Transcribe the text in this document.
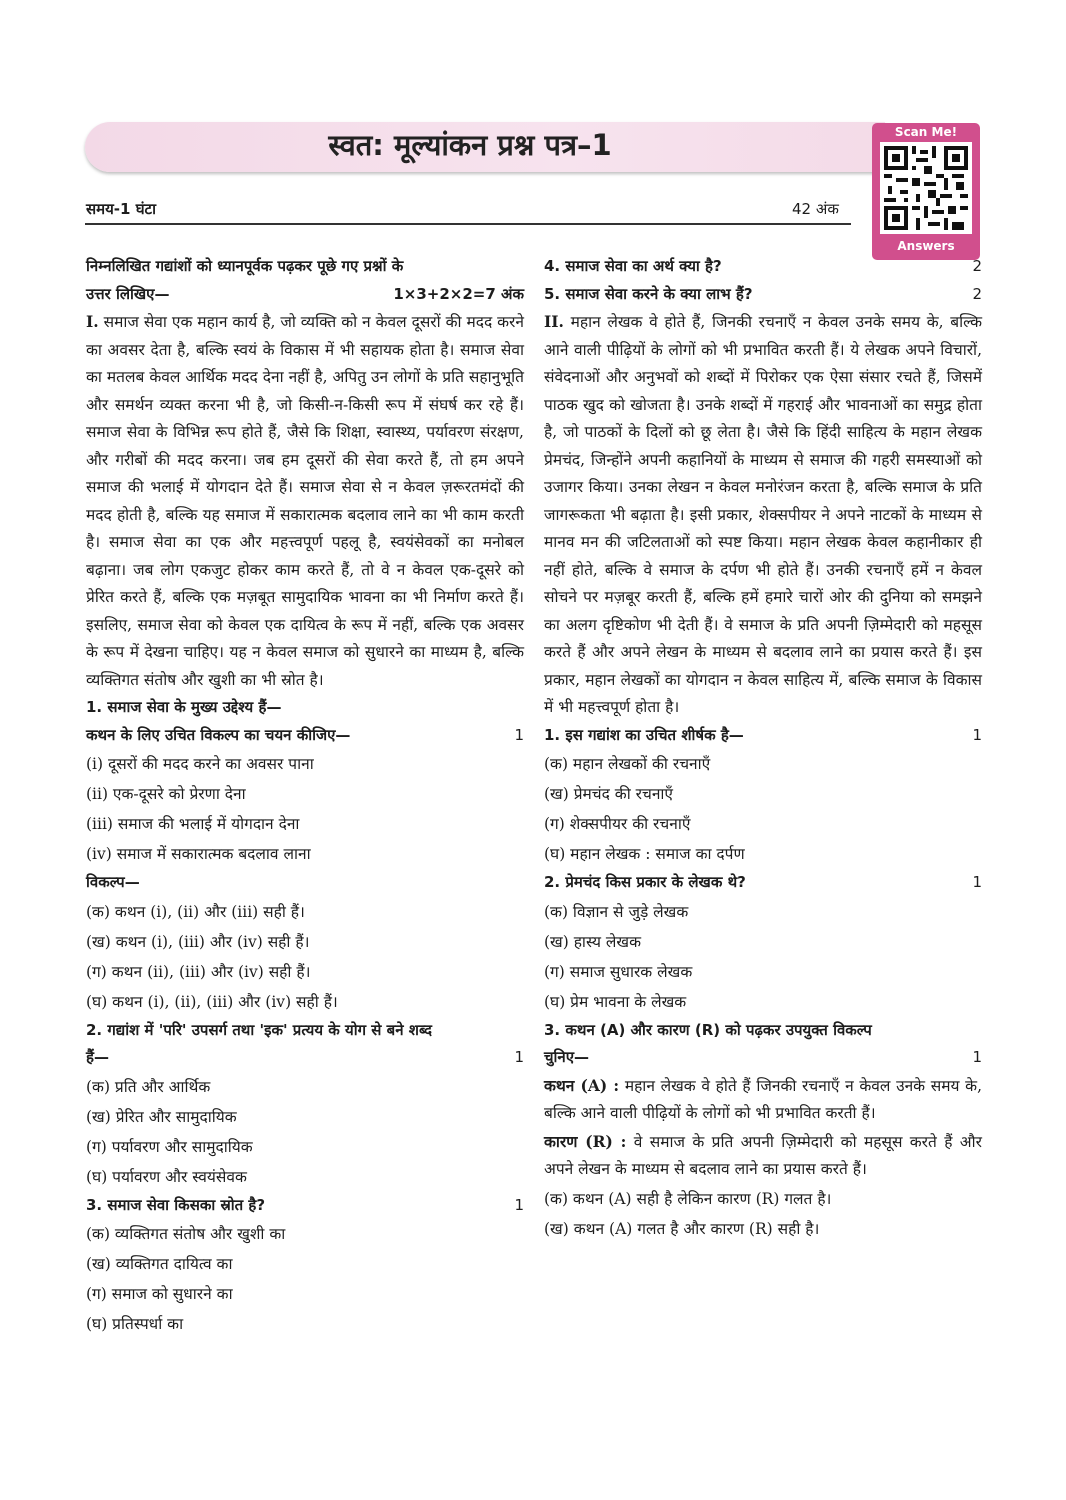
स्वत: मूल्यांकन प्रश्न पत्र–1	Scan Me!
Answers
समय-1 घंटा	42 अंक
निम्नलिखित गद्यांशों को ध्यानपूर्वक पढ़कर पूछे गए प्रश्नों के
उत्तर लिखिए—	1×3+2×2=7 अंक

I. समाज सेवा एक महान कार्य है, जो व्यक्ति को न केवल दूसरों की मदद करने का अवसर देता है, बल्कि स्वयं के विकास में भी सहायक होता है। समाज सेवा का मतलब केवल आर्थिक मदद देना नहीं है, अपितु उन लोगों के प्रति सहानुभूति और समर्थन व्यक्त करना भी है, जो किसी-न-किसी रूप में संघर्ष कर रहे हैं। समाज सेवा के विभिन्न रूप होते हैं, जैसे कि शिक्षा, स्वास्थ्य, पर्यावरण संरक्षण, और गरीबों की मदद करना। जब हम दूसरों की सेवा करते हैं, तो हम अपने समाज की भलाई में योगदान देते हैं। समाज सेवा से न केवल ज़रूरतमंदों की मदद होती है, बल्कि यह समाज में सकारात्मक बदलाव लाने का भी काम करती है। समाज सेवा का एक और महत्त्वपूर्ण पहलू है, स्वयंसेवकों का मनोबल बढ़ाना। जब लोग एकजुट होकर काम करते हैं, तो वे न केवल एक-दूसरे को प्रेरित करते हैं, बल्कि एक मज़बूत सामुदायिक भावना का भी निर्माण करते हैं। इसलिए, समाज सेवा को केवल एक दायित्व के रूप में नहीं, बल्कि एक अवसर के रूप में देखना चाहिए। यह न केवल समाज को सुधारने का माध्यम है, बल्कि व्यक्तिगत संतोष और खुशी का भी स्रोत है।

1. समाज सेवा के मुख्य उद्देश्य हैं—
कथन के लिए उचित विकल्प का चयन कीजिए—	1
(i) दूसरों की मदद करने का अवसर पाना
(ii) एक-दूसरे को प्रेरणा देना
(iii) समाज की भलाई में योगदान देना
(iv) समाज में सकारात्मक बदलाव लाना
विकल्प—
(क) कथन (i), (ii) और (iii) सही हैं।
(ख) कथन (i), (iii) और (iv) सही हैं।
(ग) कथन (ii), (iii) और (iv) सही हैं।
(घ) कथन (i), (ii), (iii) और (iv) सही हैं।
2. गद्यांश में 'परि' उपसर्ग तथा 'इक' प्रत्यय के योग से बने शब्द
हैं—	1
(क) प्रति और आर्थिक
(ख) प्रेरित और सामुदायिक
(ग) पर्यावरण और सामुदायिक
(घ) पर्यावरण और स्वयंसेवक
3. समाज सेवा किसका स्रोत है?	1
(क) व्यक्तिगत संतोष और खुशी का
(ख) व्यक्तिगत दायित्व का
(ग) समाज को सुधारने का
(घ) प्रतिस्पर्धा का
4. समाज सेवा का अर्थ क्या है?	2
5. समाज सेवा करने के क्या लाभ हैं?	2

II. महान लेखक वे होते हैं, जिनकी रचनाएँ न केवल उनके समय के, बल्कि आने वाली पीढ़ियों के लोगों को भी प्रभावित करती हैं। ये लेखक अपने विचारों, संवेदनाओं और अनुभवों को शब्दों में पिरोकर एक ऐसा संसार रचते हैं, जिसमें पाठक खुद को खोजता है। उनके शब्दों में गहराई और भावनाओं का समुद्र होता है, जो पाठकों के दिलों को छू लेता है। जैसे कि हिंदी साहित्य के महान लेखक प्रेमचंद, जिन्होंने अपनी कहानियों के माध्यम से समाज की गहरी समस्याओं को उजागर किया। उनका लेखन न केवल मनोरंजन करता है, बल्कि समाज के प्रति जागरूकता भी बढ़ाता है। इसी प्रकार, शेक्सपीयर ने अपने नाटकों के माध्यम से मानव मन की जटिलताओं को स्पष्ट किया। महान लेखक केवल कहानीकार ही नहीं होते, बल्कि वे समाज के दर्पण भी होते हैं। उनकी रचनाएँ हमें न केवल सोचने पर मज़बूर करती हैं, बल्कि हमें हमारे चारों ओर की दुनिया को समझने का अलग दृष्टिकोण भी देती हैं। वे समाज के प्रति अपनी ज़िम्मेदारी को महसूस करते हैं और अपने लेखन के माध्यम से बदलाव लाने का प्रयास करते हैं। इस प्रकार, महान लेखकों का योगदान न केवल साहित्य में, बल्कि समाज के विकास में भी महत्त्वपूर्ण होता है।

1. इस गद्यांश का उचित शीर्षक है—	1
(क) महान लेखकों की रचनाएँ
(ख) प्रेमचंद की रचनाएँ
(ग) शेक्सपीयर की रचनाएँ
(घ) महान लेखक : समाज का दर्पण
2. प्रेमचंद किस प्रकार के लेखक थे?	1
(क) विज्ञान से जुड़े लेखक
(ख) हास्य लेखक
(ग) समाज सुधारक लेखक
(घ) प्रेम भावना के लेखक
3. कथन (A) और कारण (R) को पढ़कर उपयुक्त विकल्प
चुनिए—	1

कथन (A) : महान लेखक वे होते हैं जिनकी रचनाएँ न केवल उनके समय के, बल्कि आने वाली पीढ़ियों के लोगों को भी प्रभावित करती हैं।

कारण (R) : वे समाज के प्रति अपनी ज़िम्मेदारी को महसूस करते हैं और अपने लेखन के माध्यम से बदलाव लाने का प्रयास करते हैं।

(क) कथन (A) सही है लेकिन कारण (R) गलत है।
(ख) कथन (A) गलत है और कारण (R) सही है।
